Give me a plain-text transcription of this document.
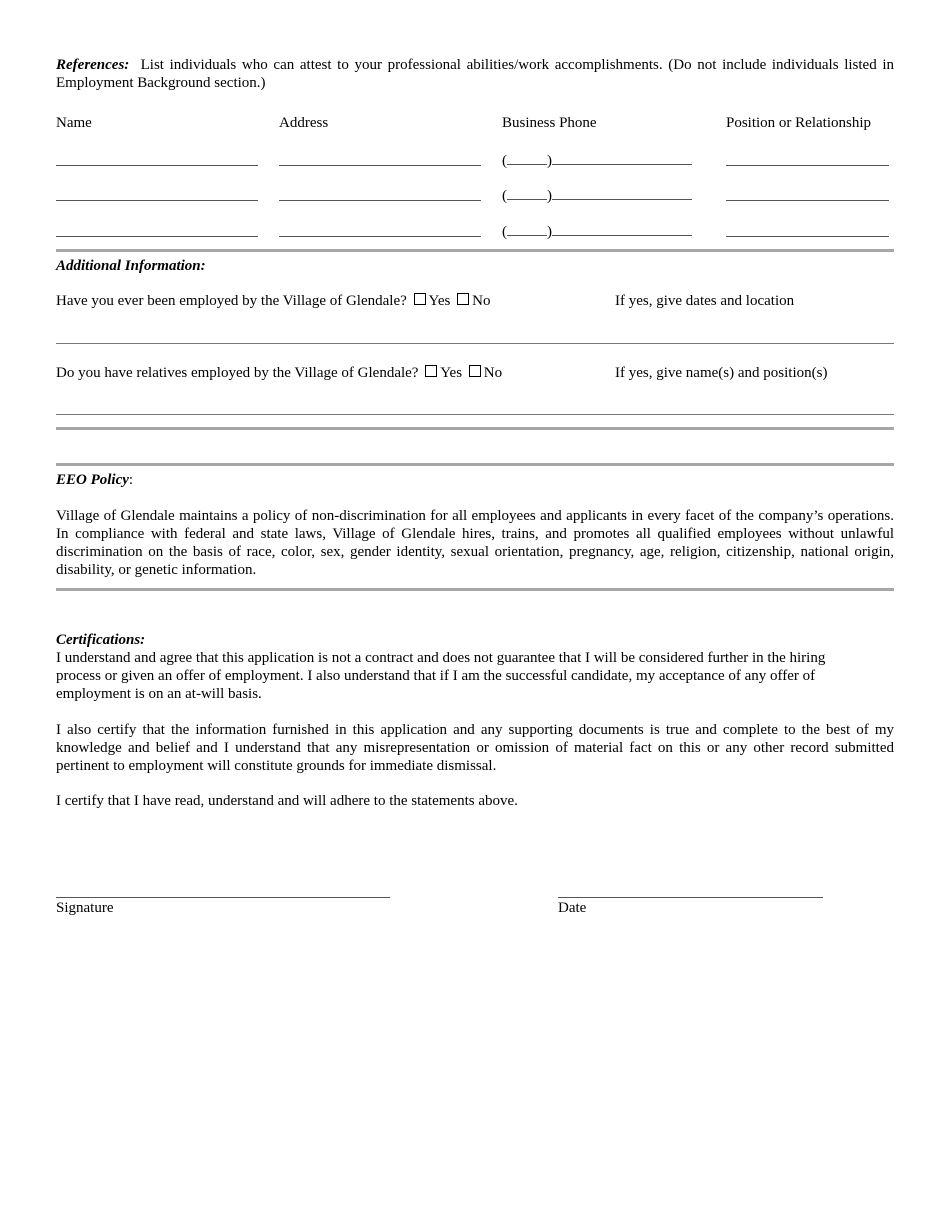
References: List individuals who can attest to your professional abilities/work accomplishments. (Do not include individuals listed in Employment Background section.)
Name	Address	Business Phone	Position or Relationship
(	)
(	)
(	)
Additional Information:
Have you ever been employed by the Village of Glendale? Yes No	If yes, give dates and location
Do you have relatives employed by the Village of Glendale? Yes No	If yes, give name(s) and position(s)
EEO Policy:
Village of Glendale maintains a policy of non-discrimination for all employees and applicants in every facet of the company’s operations. In compliance with federal and state laws, Village of Glendale hires, trains, and promotes all qualified employees without unlawful discrimination on the basis of race, color, sex, gender identity, sexual orientation, pregnancy, age, religion, citizenship, national origin, disability, or genetic information.
Certifications:
I understand and agree that this application is not a contract and does not guarantee that I will be considered further in the hiring process or given an offer of employment. I also understand that if I am the successful candidate, my acceptance of any offer of employment is on an at-will basis.
I also certify that the information furnished in this application and any supporting documents is true and complete to the best of my knowledge and belief and I understand that any misrepresentation or omission of material fact on this or any other record submitted pertinent to employment will constitute grounds for immediate dismissal.
I certify that I have read, understand and will adhere to the statements above.
Signature	Date
